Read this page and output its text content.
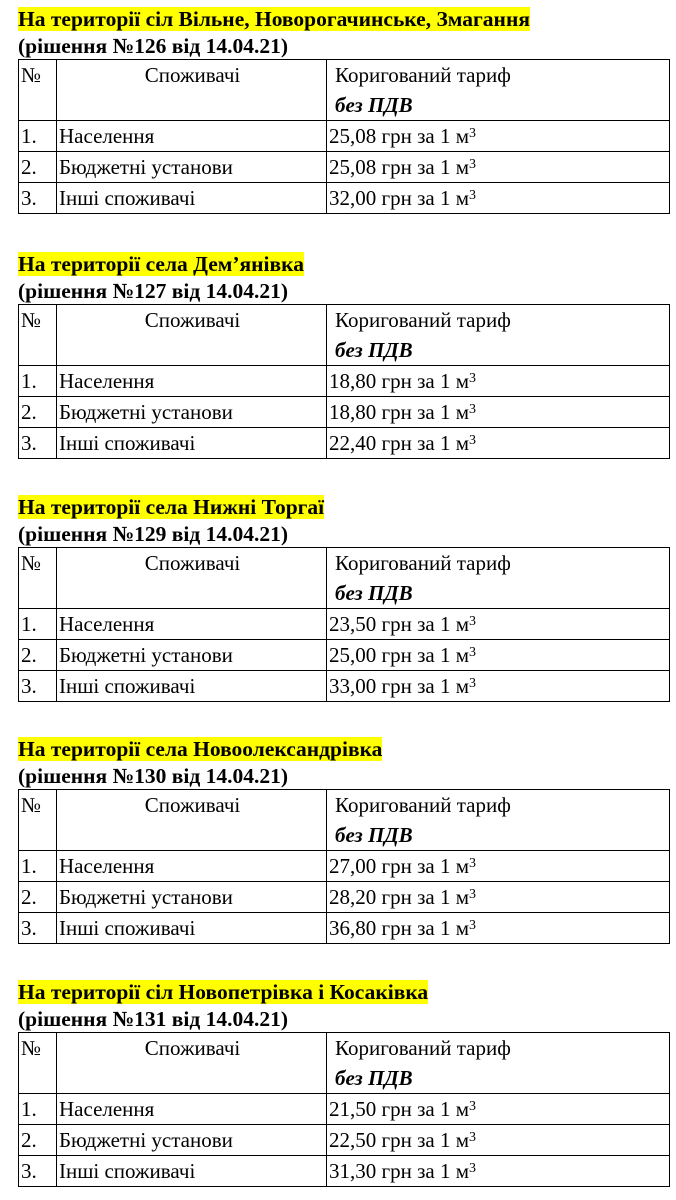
На території сіл Вільне, Новорогачинське, Змагання

(рішення №126 від 14.04.21)

№	Споживачі	Коригований тариф
без ПДВ

1.	Населення	25,08 грн за 1 $м^3$
2.	Бюджетні установи	25,08 грн за 1 $м^3$
3.	Інші споживачі	32,00 грн за 1 $м^3$

На території села Дем’янівка

(рішення №127 від 14.04.21)

№	Споживачі	Коригований тариф
без ПДВ

1.	Населення	18,80 грн за 1 $м^3$
2.	Бюджетні установи	18,80 грн за 1 $м^3$
3.	Інші споживачі	22,40 грн за 1 $м^3$

На території села Нижні Торгаї

(рішення №129 від 14.04.21)

№	Споживачі	Коригований тариф
без ПДВ

1.	Населення	23,50 грн за 1 $м^3$
2.	Бюджетні установи	25,00 грн за 1 $м^3$
3.	Інші споживачі	33,00 грн за 1 $м^3$

На території села Новоолександрівка

(рішення №130 від 14.04.21)

№	Споживачі	Коригований тариф
без ПДВ

1.	Населення	27,00 грн за 1 $м^3$
2.	Бюджетні установи	28,20 грн за 1 $м^3$
3.	Інші споживачі	36,80 грн за 1 $м^3$

На території сіл Новопетрівка і Косаківка

(рішення №131 від 14.04.21)

№	Споживачі	Коригований тариф
без ПДВ

1.	Населення	21,50 грн за 1 $м^3$
2.	Бюджетні установи	22,50 грн за 1 $м^3$
3.	Інші споживачі	31,30 грн за 1 $м^3$
